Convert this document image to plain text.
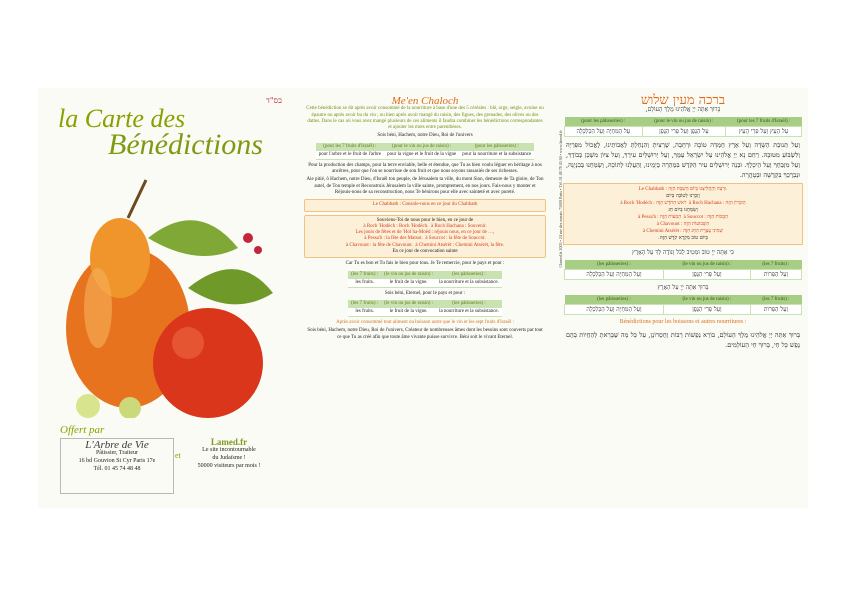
בס"ד
la Carte des
Bénédictions
Offert par
L'Arbre de Vie
Pâtissier, Traiteur
16 bd Gouvion St Cyr Paris 17e
Tél. 01 45 74 48 48
et
Lamed.fr
Le site incontournable
du Judaïsme !
50000 visiteurs par mois !
Me'en Chaloch
Cette bénédiction se dit après avoir consommé de la nourriture à base d'une des 5 céréales : blé, orge, seigle, avoine ou épautre ou après avoir bu du vin ; ou bien après avoir mangé du raisin, des figues, des grenades, des olives ou des dattes. Dans le cas où vous avez mangé plusieurs de ces aliments il faudra combiner les bénédictions correspondantes et ajouter les mots entre parenthèses.
Sois béni, Hachem, notre Dieu, Roi de l'univers
(pour les 7 fruits d'Israël) :	(pour le vin ou jus de raisin) :	(pour les pâtisseries) :
pour l'arbre et le fruit de l'arbre	pour la vigne et le fruit de la vigne	pour la nourriture et la subsistance
Pour la production des champs, pour la terre enviable, belle et étendue, que Tu as bien voulu léguer en héritage à nos ancêtres, pour que l'on se nourrisse de son fruit et que nous soyons rassasiés de ses richesses.
Aie pitié, ô Hachem, notre Dieu, d'Israël ton peuple, de Jérusalem ta ville, du mont Sion, demeure de Ta gloire, de Ton autel, de Ton temple et Reconstruis Jérusalem la ville sainte, promptement, en nos jours. Fais-nous y monter et Réjouis-nous de sa reconstruction, nous Te bénirons pour elle avec sainteté et avec pureté.
Le Chabbath : Console-nous en ce jour du Chabbath
Souviens-Toi de nous pour le bien, en ce jour de
à Roch 'Hodèch : Roch 'Hodèch. à Roch Hachana : Souvenir.
Les jours de fêtes et de 'Hol ha-Moëd : réjouis nous, en ce jour de …,
à Pessa'h : la fête des Matsot. à Souccot : la fête de Souccot.
à Chavouot : la fête de Chavouot. à Chemini Atsérèt : Chemini Atsérèt, la fête.
En ce jour de convocation sainte
Car Tu es bon et Tu fais le bien pour tous. Je Te remercie, pour le pays et pour :
(les 7 fruits) :	(le vin ou jus de raisin) :	(les pâtisseries) :
les fruits.	le fruit de la vigne.	la nourriture et la subsistance.
Sois béni, Eternel, pour le pays et pour :
(les 7 fruits) :	(le vin ou jus de raisin) :	(les pâtisseries) :
les fruits.	le fruit de la vigne.	la nourriture et la subsistance.
Après avoir consommé tout aliment ou boisson autre que le vin et les sept fruits d'Israël :
Sois béni, Hachem, notre Dieu, Roi de l'univers, Créateur de nombreuses âmes dont les besoins sont couverts par tout ce que Tu as créé afin que toute âme vivante puisse survivre. Béni soit le vivant Eternel.
©lamed.fr 2005 • 24 rue des marais 75009 Paris • Tél. 01 48 78 45 94 • www.lamed.fr
ברכה מעין שלוש
בָּרוּךְ אַתָּה יְיָ אֱלֹהֵינוּ מֶלֶךְ הָעוֹלָם,
(pour les pâtisseries) :	(pour le vin ou jus de raisin) :	(pour les 7 fruits d'Israël) :
עַל הַמִּחְיָה וְעַל הַכַּלְכָּלָה	עַל הַגֶּפֶן וְעַל פְּרִי הַגֶּפֶן	עַל הָעֵץ וְעַל פְּרִי הָעֵץ
וְעַל תְּנוּבַת הַשָּׂדֶה וְעַל אֶרֶץ חֶמְדָּה טוֹבָה וּרְחָבָה, שֶׁרָצִיתָ וְהִנְחַלְתָּ לַאֲבוֹתֵינוּ, לֶאֱכוֹל מִפִּרְיָהּ וְלִשְׂבּוֹעַ מִטּוּבָהּ. רַחֵם נָא יְיָ אֱלֹהֵינוּ עַל יִשְׂרָאֵל עַמֶּךָ, וְעַל יְרוּשָׁלַיִם עִירֶךָ, וְעַל צִיּוֹן מִשְׁכַּן כְּבוֹדֶךָ, וְעַל מִזְבְּחֶךָ וְעַל הֵיכָלֶךָ. וּבְנֵה יְרוּשָׁלַיִם עִיר הַקֹּדֶשׁ בִּמְהֵרָה בְיָמֵינוּ, וְהַעֲלֵנוּ לְתוֹכָהּ, וְשַׂמְּחֵנוּ בְּבִנְיָנָהּ, וּנְבָרֶכְךָ בִּקְדֻשָּׁה וּבְטָהֳרָה.
Le Chabbath : וּרְצֵה וְהַחֲלִיצֵנוּ בְּיוֹם הַשַּׁבָּת הַזֶּה.
וְזָכְרֵנוּ לְטוֹבָה בְּיוֹם
à Roch 'Hodèch : רֹאשׁ הַחֹדֶשׁ הַזֶּה à Roch Hachana : הַזִּכָּרוֹן הַזֶּה
וְשַׂמְּחֵנוּ בְּיוֹם חַג
à Pessa'h : הַמַּצּוֹת הַזֶּה à Souccot : הַסֻּכּוֹת הַזֶּה
à Chavouot : הַשָּׁבוּעוֹת הַזֶּה
à Chemini Atsérèt : שְׁמִינִי עֲצֶרֶת הַחַג הַזֶּה
בְּיוֹם טוֹב מִקְרָא קֹדֶשׁ הַזֶּה.
כִּי אַתָּה יְיָ טוֹב וּמֵטִיב לַכֹּל וְנוֹדֶה לְּךָ עַל הָאָרֶץ
(les pâtisseries) :	(le vin ou jus de raisin) :	(les 7 fruits) :
וְעַל הַמִּחְיָה וְעַל הַכַּלְכָּלָה	וְעַל פְּרִי הַגֶּפֶן	וְעַל הַפֵּרוֹת
בָּרוּךְ אַתָּה יְיָ עַל הָאָרֶץ
(les pâtisseries) :	(le vin ou jus de raisin) :	(les 7 fruits) :
וְעַל הַמִּחְיָה וְעַל הַכַּלְכָּלָה	וְעַל פְּרִי הַגֶּפֶן	וְעַל הַפֵּרוֹת
Bénédictions pour les boissons et autres nourritures :
בָּרוּךְ אַתָּה יְיָ אֱלֹהֵינוּ מֶלֶךְ הָעוֹלָם, בּוֹרֵא נְפָשׁוֹת רַבּוֹת וְחֶסְרוֹנָן, עַל כָּל מַה שֶּׁבָּרָאתָ לְהַחֲיוֹת בָּהֶם נֶפֶשׁ כָּל חָי, בָּרוּךְ חַי הָעוֹלָמִים.
